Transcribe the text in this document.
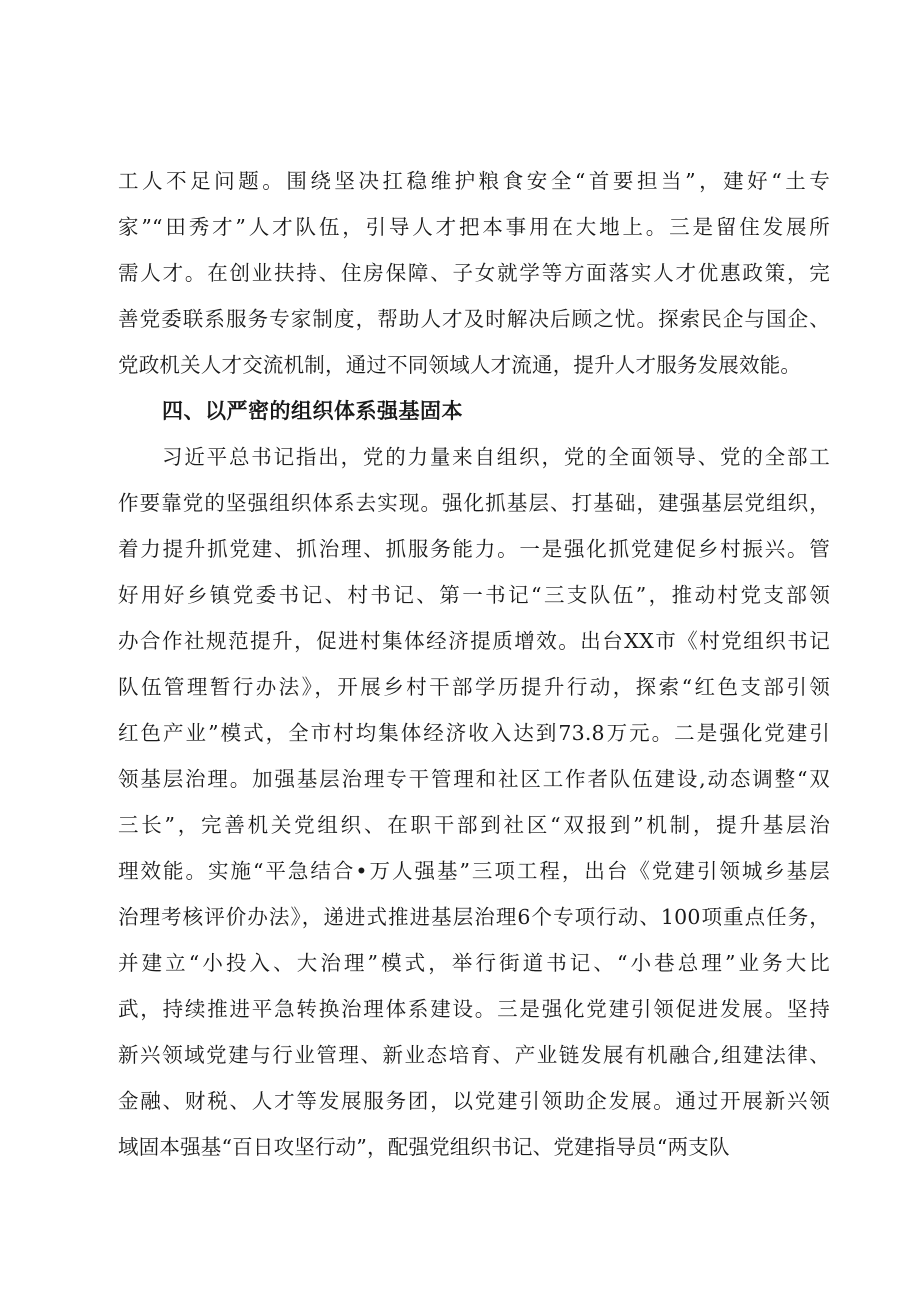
工人不足问题。围绕坚决扛稳维护粮食安全“首要担当”，建好“土专
家”“田秀才”人才队伍，引导人才把本事用在大地上。三是留住发展所
需人才。在创业扶持、住房保障、子女就学等方面落实人才优惠政策，完
善党委联系服务专家制度，帮助人才及时解决后顾之忧。探索民企与国企、
党政机关人才交流机制，通过不同领域人才流通，提升人才服务发展效能。
四、以严密的组织体系强基固本
习近平总书记指出，党的力量来自组织，党的全面领导、党的全部工
作要靠党的坚强组织体系去实现。强化抓基层、打基础，建强基层党组织，
着力提升抓党建、抓治理、抓服务能力。一是强化抓党建促乡村振兴。管
好用好乡镇党委书记、村书记、第一书记“三支队伍”，推动村党支部领
办合作社规范提升，促进村集体经济提质增效。出台XX市《村党组织书记
队伍管理暂行办法》，开展乡村干部学历提升行动，探索“红色支部引领
红色产业”模式，全市村均集体经济收入达到73.8万元。二是强化党建引
领基层治理。加强基层治理专干管理和社区工作者队伍建设,动态调整“双
三长”，完善机关党组织、在职干部到社区“双报到”机制，提升基层治
理效能。实施“平急结合•万人强基”三项工程，出台《党建引领城乡基层
治理考核评价办法》，递进式推进基层治理6个专项行动、100项重点任务，
并建立“小投入、大治理”模式，举行街道书记、“小巷总理”业务大比
武，持续推进平急转换治理体系建设。三是强化党建引领促进发展。坚持
新兴领域党建与行业管理、新业态培育、产业链发展有机融合,组建法律、
金融、财税、人才等发展服务团，以党建引领助企发展。通过开展新兴领
域固本强基“百日攻坚行动”，配强党组织书记、党建指导员“两支队
